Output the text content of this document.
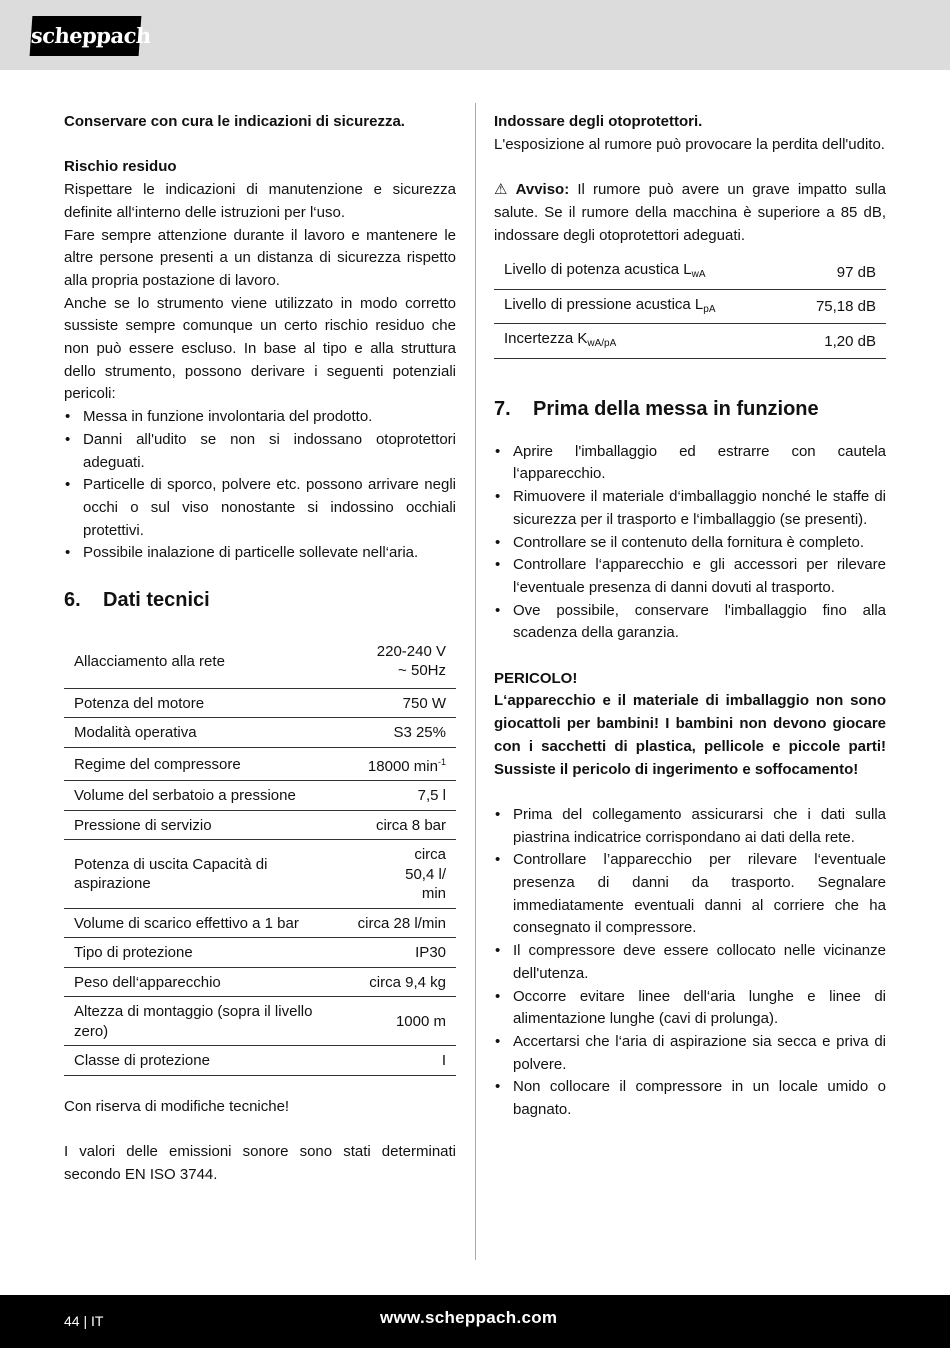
scheppach

Conservare con cura le indicazioni di sicurezza.

Rischio residuo

Rispettare le indicazioni di manutenzione e sicurezza definite all‘interno delle istruzioni per l‘uso.

Fare sempre attenzione durante il lavoro e mantenere le altre persone presenti a un distanza di sicurezza rispetto alla propria postazione di lavoro.

Anche se lo strumento viene utilizzato in modo corretto sussiste sempre comunque un certo rischio residuo che non può essere escluso. In base al tipo e alla struttura dello strumento, possono derivare i seguenti potenziali pericoli:

• Messa in funzione involontaria del prodotto.
• Danni all'udito se non si indossano otoprotettori adeguati.
• Particelle di sporco, polvere etc. possono arrivare negli occhi o sul viso nonostante si indossino occhiali protettivi.
• Possibile inalazione di particelle sollevate nell‘aria.
6.	Dati tecnici
Allacciamento alla rete	220-240 V ~ 50Hz
Potenza del motore	750 W
Modalità operativa	S3 25%
Regime del compressore	18000 $\min^{-1}$
Volume del serbatoio a pressione	7,5 l
Pressione di servizio	circa 8 bar
Potenza di uscita Capacità di aspirazione	circa 50,4 l/ min
Volume di scarico effettivo a 1 bar	circa 28 l/min
Tipo di protezione	IP30
Peso dell‘apparecchio	circa 9,4 kg
Altezza di montaggio (sopra il livello zero)	1000 m
Classe di protezione	I

Con riserva di modifiche tecniche!

I valori delle emissioni sonore sono stati determinati secondo EN ISO 3744.

Indossare degli otoprotettori.

L'esposizione al rumore può provocare la perdita dell'udito.

⚠ Avviso: Il rumore può avere un grave impatto sulla salute. Se il rumore della macchina è superiore a 85 dB, indossare degli otoprotettori adeguati.

Livello di potenza acustica $L_{wA}$	97 dB
Livello di pressione acustica $L_{pA}$	75,18 dB
Incertezza $K_{wA/pA}$	1,20 dB
7.	Prima della messa in funzione
• Aprire l'imballaggio ed estrarre con cautela l‘apparecchio.
• Rimuovere il materiale d‘imballaggio nonché le staffe di sicurezza per il trasporto e l‘imballaggio (se presenti).
• Controllare se il contenuto della fornitura è completo.
• Controllare l‘apparecchio e gli accessori per rilevare l‘eventuale presenza di danni dovuti al trasporto.
• Ove possibile, conservare l'imballaggio fino alla scadenza della garanzia.

PERICOLO!

L‘apparecchio e il materiale di imballaggio non sono giocattoli per bambini! I bambini non devono giocare con i sacchetti di plastica, pellicole e piccole parti! Sussiste il pericolo di ingerimento e soffocamento!

• Prima del collegamento assicurarsi che i dati sulla piastrina indicatrice corrispondano ai dati della rete.
• Controllare l’apparecchio per rilevare l‘eventuale presenza di danni da trasporto. Segnalare immediatamente eventuali danni al corriere che ha consegnato il compressore.
• Il compressore deve essere collocato nelle vicinanze dell'utenza.
• Occorre evitare linee dell‘aria lunghe e linee di alimentazione lunghe (cavi di prolunga).
• Accertarsi che l‘aria di aspirazione sia secca e priva di polvere.
• Non collocare il compressore in un locale umido o bagnato.
44 | IT	www.scheppach.com
